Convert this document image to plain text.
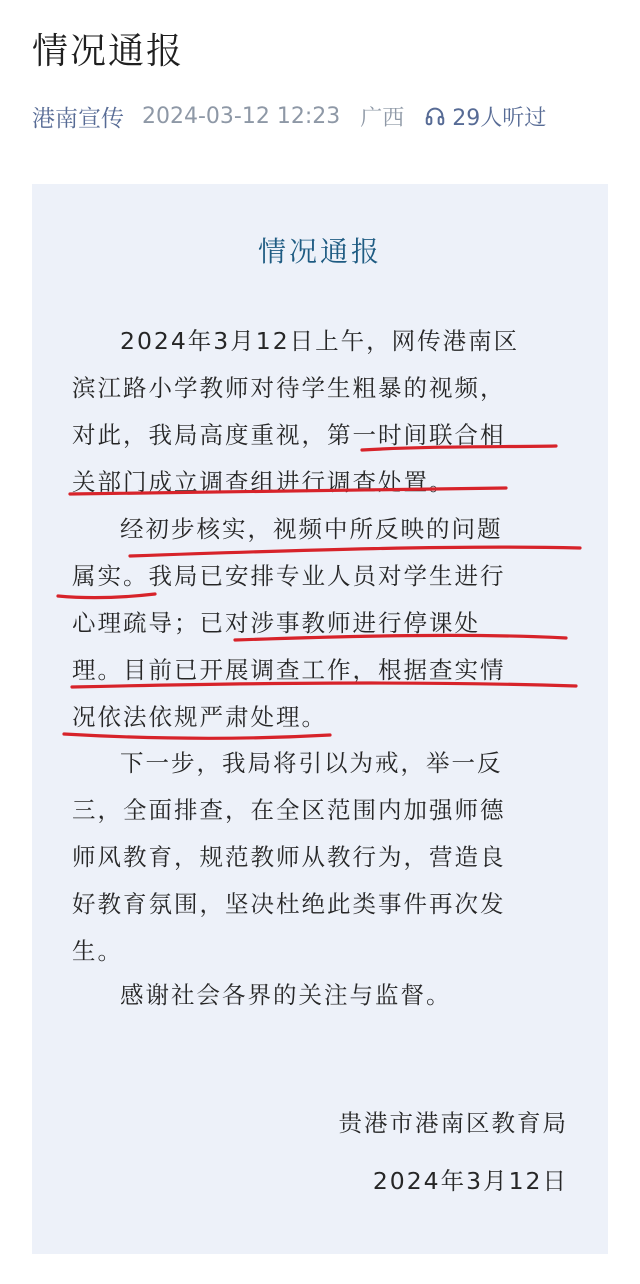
情况通报
港南宣传 2024-03-12 12:23 广西 29人听过
情况通报
2024年3月12日上午，网传港南区
滨江路小学教师对待学生粗暴的视频，
对此，我局高度重视，第一时间联合相
关部门成立调查组进行调查处置。
经初步核实，视频中所反映的问题
属实。我局已安排专业人员对学生进行
心理疏导；已对涉事教师进行停课处
理。目前已开展调查工作，根据查实情
况依法依规严肃处理。
下一步，我局将引以为戒，举一反
三，全面排查，在全区范围内加强师德
师风教育，规范教师从教行为，营造良
好教育氛围，坚决杜绝此类事件再次发
生。
感谢社会各界的关注与监督。
贵港市港南区教育局
2024年3月12日
